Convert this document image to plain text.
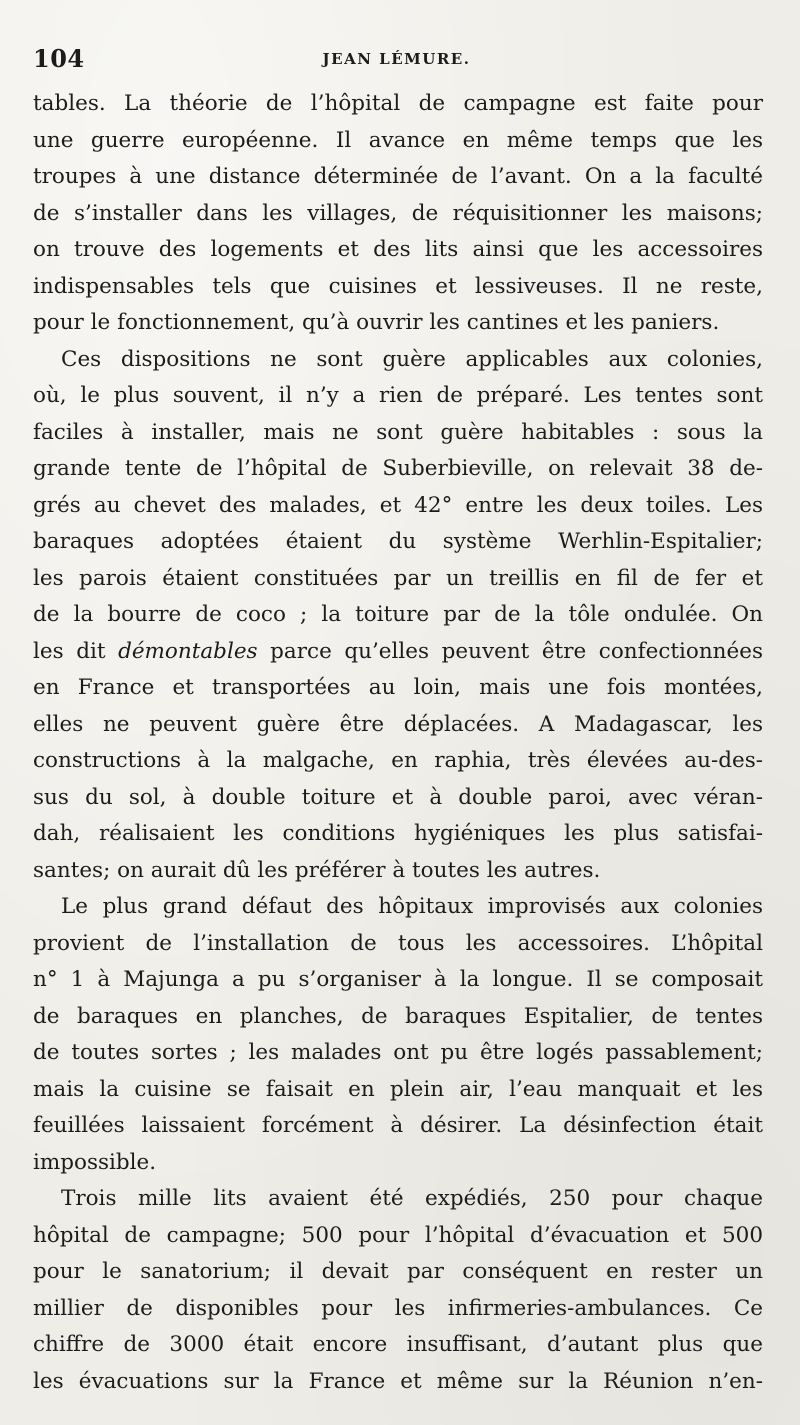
104	JEAN LÉMURE.
tables. La théorie de l’hôpital de campagne est faite pour
une guerre européenne. Il avance en même temps que les
troupes à une distance déterminée de l’avant. On a la faculté
de s’installer dans les villages, de réquisitionner les maisons;
on trouve des logements et des lits ainsi que les accessoires
indispensables tels que cuisines et lessiveuses. Il ne reste,
pour le fonctionnement, qu’à ouvrir les cantines et les paniers.
Ces dispositions ne sont guère applicables aux colonies,
où, le plus souvent, il n’y a rien de préparé. Les tentes sont
faciles à installer, mais ne sont guère habitables : sous la
grande tente de l’hôpital de Suberbieville, on relevait 38 de-
grés au chevet des malades, et 42° entre les deux toiles. Les
baraques adoptées étaient du système Werhlin-Espitalier;
les parois étaient constituées par un treillis en fil de fer et
de la bourre de coco ; la toiture par de la tôle ondulée. On
les dit démontables parce qu’elles peuvent être confectionnées
en France et transportées au loin, mais une fois montées,
elles ne peuvent guère être déplacées. A Madagascar, les
constructions à la malgache, en raphia, très élevées au-des-
sus du sol, à double toiture et à double paroi, avec véran-
dah, réalisaient les conditions hygiéniques les plus satisfai-
santes; on aurait dû les préférer à toutes les autres.
Le plus grand défaut des hôpitaux improvisés aux colonies
provient de l’installation de tous les accessoires. L’hôpital
n° 1 à Majunga a pu s’organiser à la longue. Il se composait
de baraques en planches, de baraques Espitalier, de tentes
de toutes sortes ; les malades ont pu être logés passablement;
mais la cuisine se faisait en plein air, l’eau manquait et les
feuillées laissaient forcément à désirer. La désinfection était
impossible.
Trois mille lits avaient été expédiés, 250 pour chaque
hôpital de campagne; 500 pour l’hôpital d’évacuation et 500
pour le sanatorium; il devait par conséquent en rester un
millier de disponibles pour les infirmeries-ambulances. Ce
chiffre de 3000 était encore insuffisant, d’autant plus que
les évacuations sur la France et même sur la Réunion n’en-
